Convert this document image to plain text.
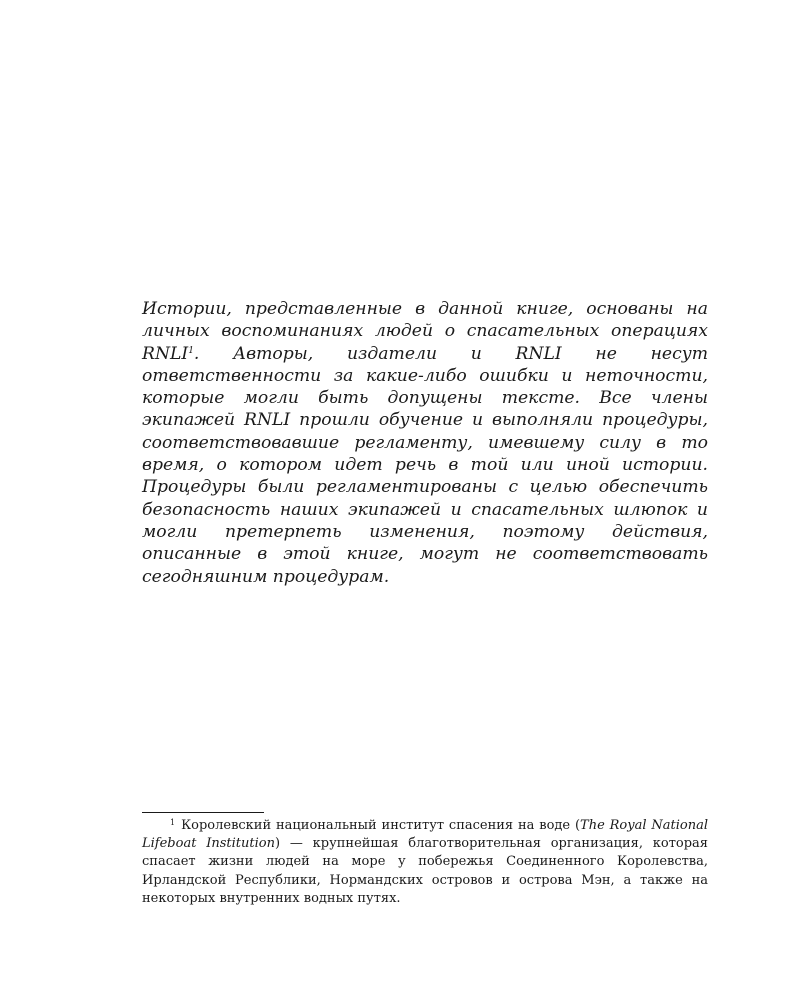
Истории, представленные в данной книге, основаны на личных воспоминаниях людей о спасательных операциях RNLI$^1$. Авторы, издатели и RNLI не несут ответственности за какие-либо ошибки и неточности, которые могли быть допущены тексте. Все члены экипажей RNLI прошли обучение и выполняли процедуры, соответствовавшие регламенту, имевшему силу в то время, о котором идет речь в той или иной истории. Процедуры были регламентированы с целью обеспечить безопасность наших экипажей и спасательных шлюпок и могли претерпеть изменения, поэтому действия, описанные в этой книге, могут не соответствовать сегодняшним процедурам.

$^1$ Королевский национальный институт спасения на воде (The Royal National Lifeboat Institution) — крупнейшая благотворительная организация, которая спасает жизни людей на море у побережья Соединенного Королевства, Ирландской Республики, Нормандских островов и острова Мэн, а также на некоторых внутренних водных путях.
